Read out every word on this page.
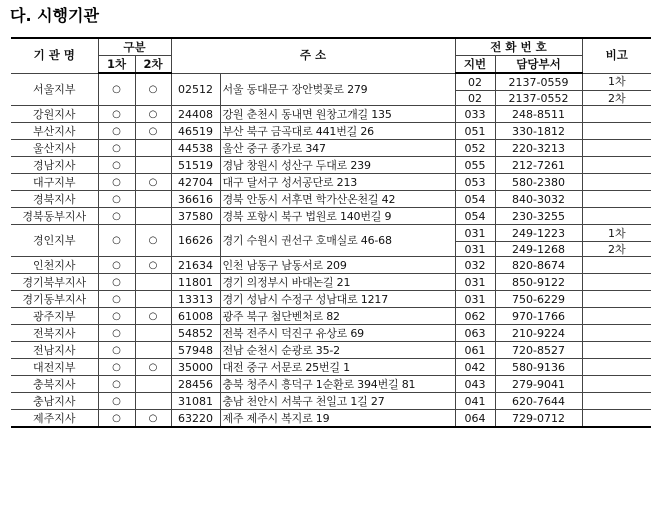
다. 시행기관
기 관 명	구분		주 소		전 화 번 호		비고
	1차	2차			지번	담당부서	
서울지부	○	○	02512	서울 동대문구 장안벚꽃로 279	02	2137-0559	1차
					02	2137-0552	2차
강원지사	○	○	24408	강원 춘천시 동내면 원창고개길 135	033	248-8511	
부산지사	○	○	46519	부산 북구 금곡대로 441번길 26	051	330-1812	
울산지사	○		44538	울산 중구 종가로 347	052	220-3213	
경남지사	○		51519	경남 창원시 성산구 두대로 239	055	212-7261	
대구지부	○	○	42704	대구 달서구 성서공단로 213	053	580-2380	
경북지사	○		36616	경북 안동시 서후면 학가산온천길 42	054	840-3032	
경북동부지사	○		37580	경북 포항시 북구 법원로 140번길 9	054	230-3255	
경인지부	○	○	16626	경기 수원시 권선구 호매실로 46-68	031	249-1223	1차
					031	249-1268	2차
인천지사	○	○	21634	인천 남동구 남동서로 209	032	820-8674	
경기북부지사	○		11801	경기 의정부시 바대논길 21	031	850-9122	
경기동부지사	○		13313	경기 성남시 수정구 성남대로 1217	031	750-6229	
광주지부	○	○	61008	광주 북구 첨단벤처로 82	062	970-1766	
전북지사	○		54852	전북 전주시 덕진구 유상로 69	063	210-9224	
전남지사	○		57948	전남 순천시 순광로 35-2	061	720-8527	
대전지부	○	○	35000	대전 중구 서문로 25번길 1	042	580-9136	
충북지사	○		28456	충북 청주시 흥덕구 1순환로 394번길 81	043	279-9041	
충남지사	○		31081	충남 천안시 서북구 천일고 1길 27	041	620-7644	
제주지사	○	○	63220	제주 제주시 복지로 19	064	729-0712	
